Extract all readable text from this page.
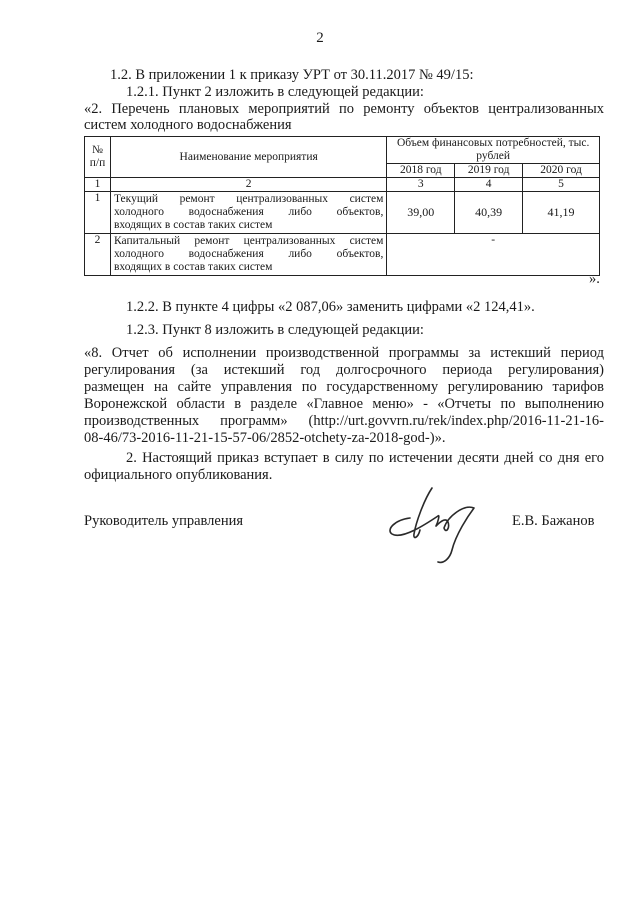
2
1.2. В приложении 1 к приказу УРТ от 30.11.2017 № 49/15:
1.2.1. Пункт 2 изложить в следующей редакции:
«2. Перечень плановых мероприятий по ремонту объектов централизованных
систем холодного водоснабжения
№ п/п	Наименование мероприятия	Объем финансовых потребностей, тыс. рублей		
		2018 год	2019 год	2020 год
1	2	3	4	5
1	Текущий ремонт централизованных систем
холодного водоснабжения либо объектов,
входящих в состав таких систем	39,00	40,39	41,19
2	Капитальный ремонт централизованных систем
холодного водоснабжения либо объектов,
входящих в состав таких систем	-		
».
1.2.2. В пункте 4 цифры «2 087,06» заменить цифрами «2 124,41».
1.2.3. Пункт 8 изложить в следующей редакции:
«8. Отчет об исполнении производственной программы за истекший период
регулирования (за истекший год долгосрочного периода регулирования)
размещен на сайте управления по государственному регулированию тарифов
Воронежской области в разделе «Главное меню» - «Отчеты по выполнению
производственных программ» (http://urt.govvrn.ru/rek/index.php/2016-11-21-16-
08-46/73-2016-11-21-15-57-06/2852-otchety-za-2018-god-)».
2. Настоящий приказ вступает в силу по истечении десяти дней со дня его
официального опубликования.
Руководитель управления	Е.В. Бажанов
